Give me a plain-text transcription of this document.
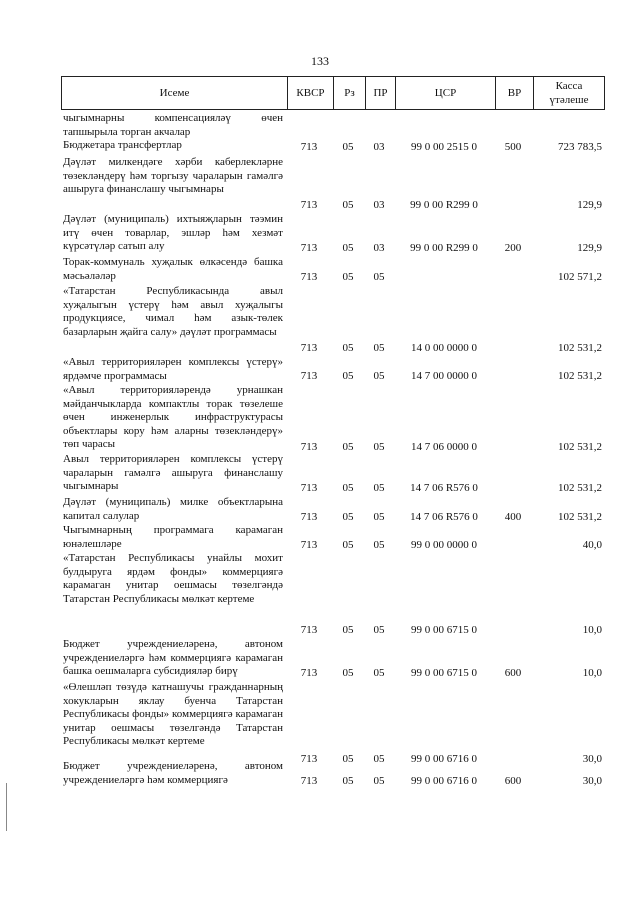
133
Исеме	КВСР	Рз	ПР	ЦСР	ВР
Касса
үтәлеше
чыгымнарны компенсацияләү өчен тапшырыла торган акчалар
Бюджетара трансфертлар	713	05	03	99 0 00 2515 0	500	723 783,5
Дәүләт милкендәге хәрби каберлекләрне төзекләндерү һәм торгызу чараларын гамәлгә ашыруга финанслашу чыгымнары
713	05	03	99 0 00 R299 0	129,9
Дәүләт (муниципаль) ихтыяҗларын тәэмин итү өчен товарлар, эшләр һәм хезмәт күрсәтүләр сатып алу	713	05	03	99 0 00 R299 0	200	129,9
Торак-коммуналь хуҗалык өлкәсендә башка мәсьәләләр	713	05	05	102 571,2
«Татарстан Республикасында авыл хуҗалыгын үстерү һәм авыл хуҗалыгы продукциясе, чимал һәм азык-төлек базарларын җайга салу» дәүләт программасы
713	05	05	14 0 00 0000 0	102 531,2
«Авыл территорияләрен комплексы үстерү» ярдәмче программасы	713	05	05	14 7 00 0000 0	102 531,2
«Авыл территорияләрендә урнашкан мәйданчыкларда компактлы торак төзелеше өчен инженерлык инфраструктурасы объектлары кору һәм аларны төзекләндерү» төп чарасы	713	05	05	14 7 06 0000 0	102 531,2
Авыл территорияләрен комплексы үстерү чараларын гамәлгә ашыруга финанслашу чыгымнары	713	05	05	14 7 06 R576 0	102 531,2
Дәүләт (муниципаль) милке объектларына капитал салулар	713	05	05	14 7 06 R576 0	400	102 531,2
Чыгымнарның программага карамаган юнәлешләре	713	05	05	99 0 00 0000 0	40,0
«Татарстан Республикасы унайлы мохит булдыруга ярдәм фонды» коммерциягә карамаган унитар оешмасы төзелгәндә Татарстан Республикасы мөлкәт кертеме
713	05	05	99 0 00 6715 0	10,0
Бюджет учреждениеләренә, автоном учреждениеләргә һәм коммерциягә карамаган башка оешмаларга субсидияләр бирү	713	05	05	99 0 00 6715 0	600	10,0
«Өлешләп төзүдә катнашучы гражданнарның хокукларын яклау буенча Татарстан Республикасы фонды» коммерциягә карамаган унитар оешмасы төзелгәндә Татарстан Республикасы мөлкәт кертеме
713	05	05	99 0 00 6716 0	30,0
Бюджет учреждениеләренә, автоном учреждениеләргә һәм коммерциягә	713	05	05	99 0 00 6716 0	600	30,0
